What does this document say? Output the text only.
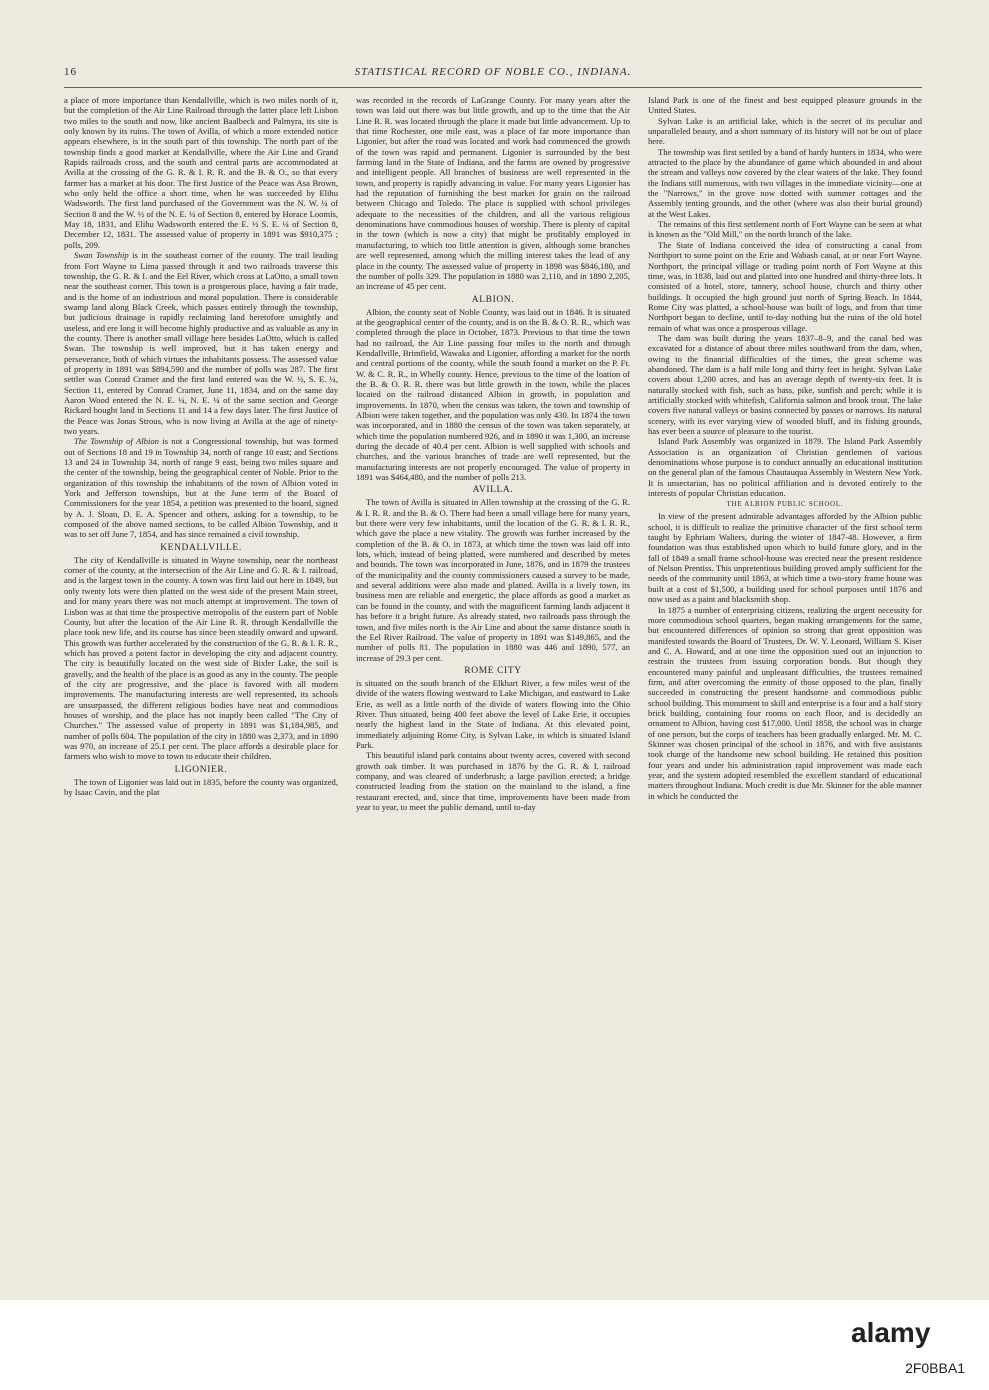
16	STATISTICAL RECORD OF NOBLE CO., INDIANA.

a place of more importance than Kendallville, which is two miles north of it, but the completion of the Air Line Railroad through the latter place left Lisbon two miles to the south and now, like ancient Baalbeck and Palmyra, its site is only known by its ruins. The town of Avilla, of which a more extended notice appears elsewhere, is in the south part of this township. The north part of the township finds a good market at Kendallville, where the Air Line and Grand Rapids railroads cross, and the south and central parts are accommodated at Avilla at the crossing of the G. R. & I. R. R. and the B. & O., so that every farmer has a market at his door. The first Justice of the Peace was Asa Brown, who only held the office a short time, when he was succeeded by Elihu Wadsworth. The first land purchased of the Government was the N. W. ¼ of Section 8 and the W. ½ of the N. E. ¼ of Section 8, entered by Horace Loomis, May 18, 1831, and Elihu Wadsworth entered the E. ½ S. E. ¼ of Section 8, December 12, 1831. The assessed value of property in 1891 was $910,375 ; polls, 209.

Swan Township is in the southeast corner of the county. The trail leading from Fort Wayne to Lima passed through it and two railroads traverse this township, the G. R. & I. and the Eel River, which cross at LaOtto, a small town near the southeast corner. This town is a prosperous place, having a fair trade, and is the home of an industrious and moral population. There is considerable swamp land along Black Creek, which passes entirely through the township, but judicious drainage is rapidly reclaiming land heretofore unsightly and useless, and ere long it will become highly productive and as valuable as any in the county. There is another small village here besides LaOtto, which is called Swan. The township is well improved, but it has taken energy and perseverance, both of which virtues the inhabitants possess. The assessed value of property in 1891 was $894,590 and the number of polls was 287. The first settler was Conrad Cramer and the first land entered was the W. ½, S. E. ¼, Section 11, entered by Conrad Cramer, June 11, 1834, and on the same day Aaron Wood entered the N. E. ¼, N. E. ¼ of the same section and George Rickard bought land in Sections 11 and 14 a few days later. The first Justice of the Peace was Jonas Strous, who is now living at Avilla at the age of ninety-two years.

The Township of Albion is not a Congressional township, but was formed out of Sections 18 and 19 in Township 34, north of range 10 east; and Sections 13 and 24 in Township 34, north of range 9 east, being two miles square and the center of the township, being the geographical center of Noble. Prior to the organization of this township the inhabitants of the town of Albion voted in York and Jefferson townships, but at the June term of the Board of Commissioners for the year 1854, a petition was presented to the board, signed by A. J. Sloan, D. E. A. Spencer and others, asking for a township, to be composed of the above named sections, to be called Albion Township, and it was to set off June 7, 1854, and has since remained a civil township.

KENDALLVILLE.

The city of Kendallville is situated in Wayne township, near the northeast corner of the county, at the intersection of the Air Line and G. R. & I. railroad, and is the largest town in the county. A town was first laid out here in 1849, but only twenty lots were then platted on the west side of the present Main street, and for many years there was not much attempt at improvement. The town of Lisbon was at that time the prospective metropolis of the eastern part of Noble County, but after the location of the Air Line R. R. through Kendallville the place took new life, and its course has since been steadily onward and upward. This growth was further accelerated by the construction of the G. R. & I. R. R., which has proved a potent factor in developing the city and adjacent country. The city is beautifully located on the west side of Bixler Lake, the soil is gravelly, and the health of the place is as good as any in the county. The people of the city are progressive, and the place is favored with all modern improvements. The manufacturing interests are well represented, its schools are unsurpassed, the different religious bodies have neat and commodious houses of worship, and the place has not inaptly been called "The City of Churches." The assessed value of property in 1891 was $1,184,985, and number of polls 604. The population of the city in 1880 was 2,373, and in 1890 was 970, an increase of 25.1 per cent. The place affords a desirable place for farmers who wish to move to town to educate their children.

LIGONIER.

The town of Ligonier was laid out in 1835, before the county was organized, by Isaac Cavin, and the plat

was recorded in the records of LaGrange County. For many years after the town was laid out there was but little growth, and up to the time that the Air Line R. R. was located through the place it made but little advancement. Up to that time Rochester, one mile east, was a place of far more importance than Ligonier, but after the road was located and work had commenced the growth of the town was rapid and permanent. Ligonier is surrounded by the best farming land in the State of Indiana, and the farms are owned by progressive and intelligent people. All branches of business are well represented in the town, and property is rapidly advancing in value. For many years Ligonier has had the reputation of furnishing the best market for grain on the railroad between Chicago and Toledo. The place is supplied with school privileges adequate to the necessities of the children, and all the various religious denominations have commodious houses of worship. There is plenty of capital in the town (which is now a city) that might be profitably employed in manufacturing, to which too little attention is given, although some branches are well represented, among which the milling interest takes the lead of any place in the county. The assessed value of property in 1898 was $846,180, and the number of polls 329. The population in 1880 was 2,110, and in 1890 2,205, an increase of 45 per cent.

ALBION.

Albion, the county seat of Noble County, was laid out in 1846. It is situated at the geographical center of the county, and is on the B. & O. R. R., which was completed through the place in October, 1873. Previous to that time the town had no railroad, the Air Line passing four miles to the north and through Kendallville, Brimfield, Wawaka and Ligonier, affording a market for the north and central portions of the county, while the south found a market on the P. Ft. W. & C. R. R., in Whelly county. Hence, previous to the time of the loation of the B. & O. R. R. there was but little growth in the town, while the places located on the railroad distanced Albion in growth, in population and improvements. In 1870, when the census was taken, the town and township of Albion were taken together, and the population was only 430. In 1874 the town was incorporated, and in 1880 the census of the town was taken separately, at which time the population numbered 926, and in 1890 it was 1,300, an increase during the decade of 40.4 per cent. Albion is well supplied with schools and churches, and the various branches of trade are well represented, but the manufacturing interests are not properly encouraged. The value of property in 1891 was $464,480, and the number of polls 213.

AVILLA.

The town of Avilla is situated in Allen township at the crossing of the G. R. & I. R. R. and the B. & O. There had been a small village here for many years, but there were very few inhabitants, until the location of the G. R. & I. R. R., which gave the place a new vitality. The growth was further increased by the completion of the B. & O. in 1873, at which time the town was laid off into lots, which, instead of being platted, were numbered and described by metes and bounds. The town was incorporated in June, 1876, and in 1879 the trustees of the municipality and the county commissioners caused a survey to be made, and several additions were also made and platted. Avilla is a lively town, its business men are reliable and energetic, the place affords as good a market as can be found in the county, and with the magnificent farming lands adjacent it has before it a bright future. As already stated, two railroads pass through the town, and five miles north is the Air Line and about the same distance south is the Eel River Railroad. The value of property in 1891 was $149,865, and the number of polls 81. The population in 1880 was 446 and 1890, 577, an increase of 29.3 per cent.

ROME CITY

is situated on the south branch of the Elkhart River, a few miles west of the divide of the waters flowing westward to Lake Michigan, and eastward to Lake Erie, as well as a little north of the divide of waters flowing into the Ohio River. Thus situated, being 400 feet above the level of Lake Erie, it occupies nearly the highest land in the State of Indiana. At this elevated point, immediately adjoining Rome City, is Sylvan Lake, in which is situated Island Park.

This beautiful island park contains about twenty acres, covered with second growth oak timber. It was purchased in 1876 by the G. R. & I. railroad company, and was cleared of underbrush; a large pavilion erected; a bridge constructed leading from the station on the mainland to the island, a fine restaurant erected, and, since that time, improvements have been made from year to year, to meet the public demand, until to-day

Island Park is one of the finest and best equipped pleasure grounds in the United States.

Sylvan Lake is an artificial lake, which is the secret of its peculiar and unparalleled beauty, and a short summary of its history will not be out of place here.

The township was first settled by a band of hardy hunters in 1834, who were attracted to the place by the abundance of game which abounded in and about the stream and valleys now covered by the clear waters of the lake. They found the Indians still numerous, with two villages in the immediate vicinity—one at the "Narrows," in the grove now dotted with summer cottages and the Assembly tenting grounds, and the other (where was also their burial ground) at the West Lakes.

The remains of this first settlement north of Fort Wayne can be seen at what is known as the "Old Mill," on the north branch of the lake.

The State of Indiana conceived the idea of constructing a canal from Northport to some point on the Erie and Wabash canal, at or near Fort Wayne. Northport, the principal village or trading point north of Fort Wayne at this time, was, in 1838, laid out and platted into one hundred and thirty-three lots. It consisted of a hotel, store, tannery, school house, church and thirty other buildings. It occupied the high ground just north of Spring Beach. In 1844, Rome City was platted, a school-house was built of logs, and from that time Northport began to decline, until to-day nothing but the ruins of the old hotel remain of what was once a prosperous village.

The dam was built during the years 1837–8–9, and the canal bed was excavated for a distance of about three miles southward from the dam, when, owing to the financial difficulties of the times, the great scheme was abandoned. The dam is a half mile long and thirty feet in height. Sylvan Lake covers about 1,200 acres, and has an average depth of twenty-six feet. It is naturally stocked with fish, such as bass, pike, sunfish and perch; while it is artificially stocked with whitefish, California salmon and brook trout. The lake covers five natural valleys or basins connected by passes or narrows. Its natural scenery, with its ever varying view of wooded bluff, and its fishing grounds, has ever been a source of pleasure to the tourist.

Island Park Assembly was organized in 1879. The Island Park Assembly Association is an organization of Christian gentlemen of various denominations whose purpose is to conduct annually an educational institution on the general plan of the famous Chautauqua Assembly in Western New York. It is unsectarian, has no political affiliation and is devoted entirely to the interests of popular Christian education.

THE ALBION PUBLIC SCHOOL.

In view of the present admirable advantages afforded by the Albion public school, it is difficult to realize the primitive character of the first school term taught by Ephriam Walters, during the winter of 1847-48. However, a firm foundation was thus established upon which to build future glory, and in the fall of 1849 a small frame school-house was erected near the present residence of Nelson Prentiss. This unpretentious building proved amply sufficient for the needs of the community until 1863, at which time a two-story frame house was built at a cost of $1,500, a building used for school purposes until 1876 and now used as a paint and blacksmith shop.

In 1875 a number of enterprising citizens, realizing the urgent necessity for more commodious school quarters, began making arrangements for the same, but encountered differences of opinion so strong that great opposition was manifested towards the Board of Trustees, Dr. W. Y. Leonard, William S. Kiser and C. A. Howard, and at one time the opposition sued out an injunction to restrain the trustees from issuing corporation bonds. But though they encountered many painful and unpleasant difficulties, the trustees remained firm, and after overcoming the enmity of those opposed to the plan, finally succeeded in constructing the present handsome and commodious public school building. This monument to skill and enterprise is a four and a half story brick building, containing four rooms on each floor, and is decidedly an ornament to Albion, having cost $17,000. Until 1858, the school was in charge of one person, but the corps of teachers has been gradually enlarged. Mr. M. C. Skinner was chosen principal of the school in 1876, and with five assistants took charge of the handsome new school building. He retained this position four years and under his administration rapid improvement was made each year, and the system adopted resembled the excellent standard of educational matters throughout Indiana. Much credit is due Mr. Skinner for the able manner in which he conducted the

alamy
2F0BBA1
